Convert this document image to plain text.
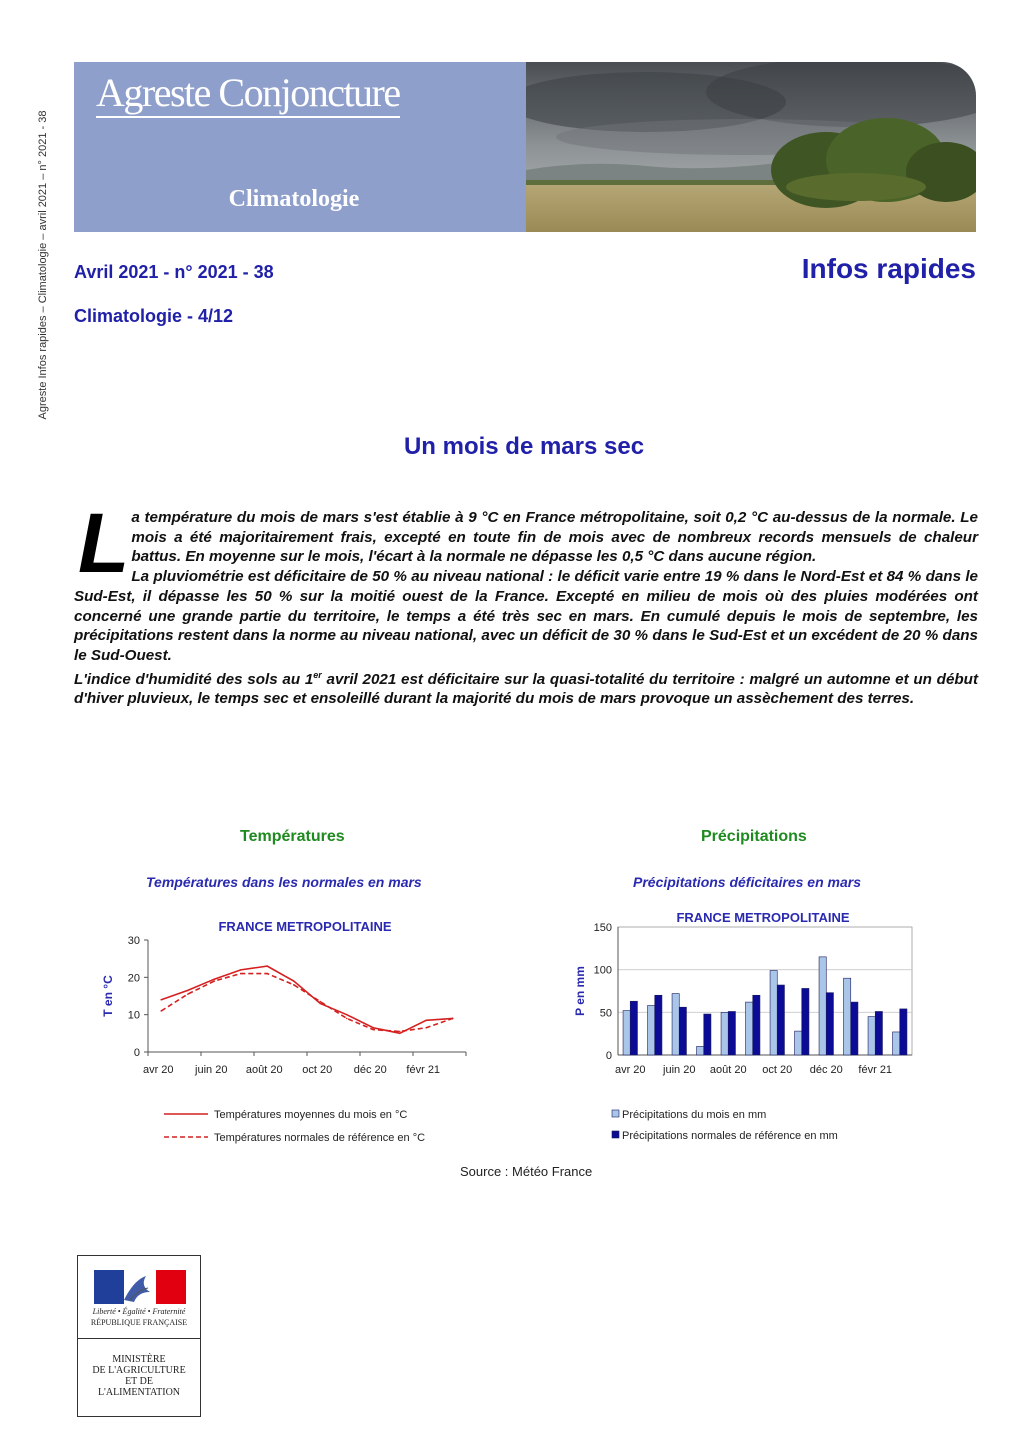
Agreste Infos rapides – Climatologie – avril 2021 – n° 2021 - 38
Agreste Conjoncture
Climatologie
Avril 2021 - n° 2021 - 38
Climatologie - 4/12
Infos rapides
Un mois de mars sec

La température du mois de mars s'est établie à 9 °C en France métropolitaine, soit 0,2 °C au-dessus de la normale. Le mois a été majoritairement frais, excepté en toute fin de mois avec de nombreux records mensuels de chaleur battus. En moyenne sur le mois, l'écart à la normale ne dépasse les 0,5 °C dans aucune région.

La pluviométrie est déficitaire de 50 % au niveau national : le déficit varie entre 19 % dans le Nord-Est et 84 % dans le Sud-Est, il dépasse les 50 % sur la moitié ouest de la France. Excepté en milieu de mois où des pluies modérées ont concerné une grande partie du territoire, le temps a été très sec en mars. En cumulé depuis le mois de septembre, les précipitations restent dans la norme au niveau national, avec un déficit de 30 % dans le Sud-Est et un excédent de 20 % dans le Sud-Ouest.

L'indice d'humidité des sols au 1er avril 2021 est déficitaire sur la quasi-totalité du territoire : malgré un automne et un début d'hiver pluvieux, le temps sec et ensoleillé durant la majorité du mois de mars provoque un assèchement des terres.

Températures
Températures dans les normales en mars
FRANCE METROPOLITAINE
0
10
20
30
avr 20 juin 20 août 20 oct 20 déc 20 févr 21
T en °C
Températures moyennes du mois en °C
Températures normales de référence en °C
Précipitations
Précipitations déficitaires en mars
FRANCE METROPOLITAINE
0
50
100
150
P en mm
avr 20 juin 20 août 20 oct 20 déc 20 févr 21
Précipitations du mois en mm
Précipitations normales de référence en mm
Source : Météo France
Liberté • Égalité • Fraternité
RÉPUBLIQUE FRANÇAISE
MINISTÈRE
DE L'AGRICULTURE
ET DE
L'ALIMENTATION
